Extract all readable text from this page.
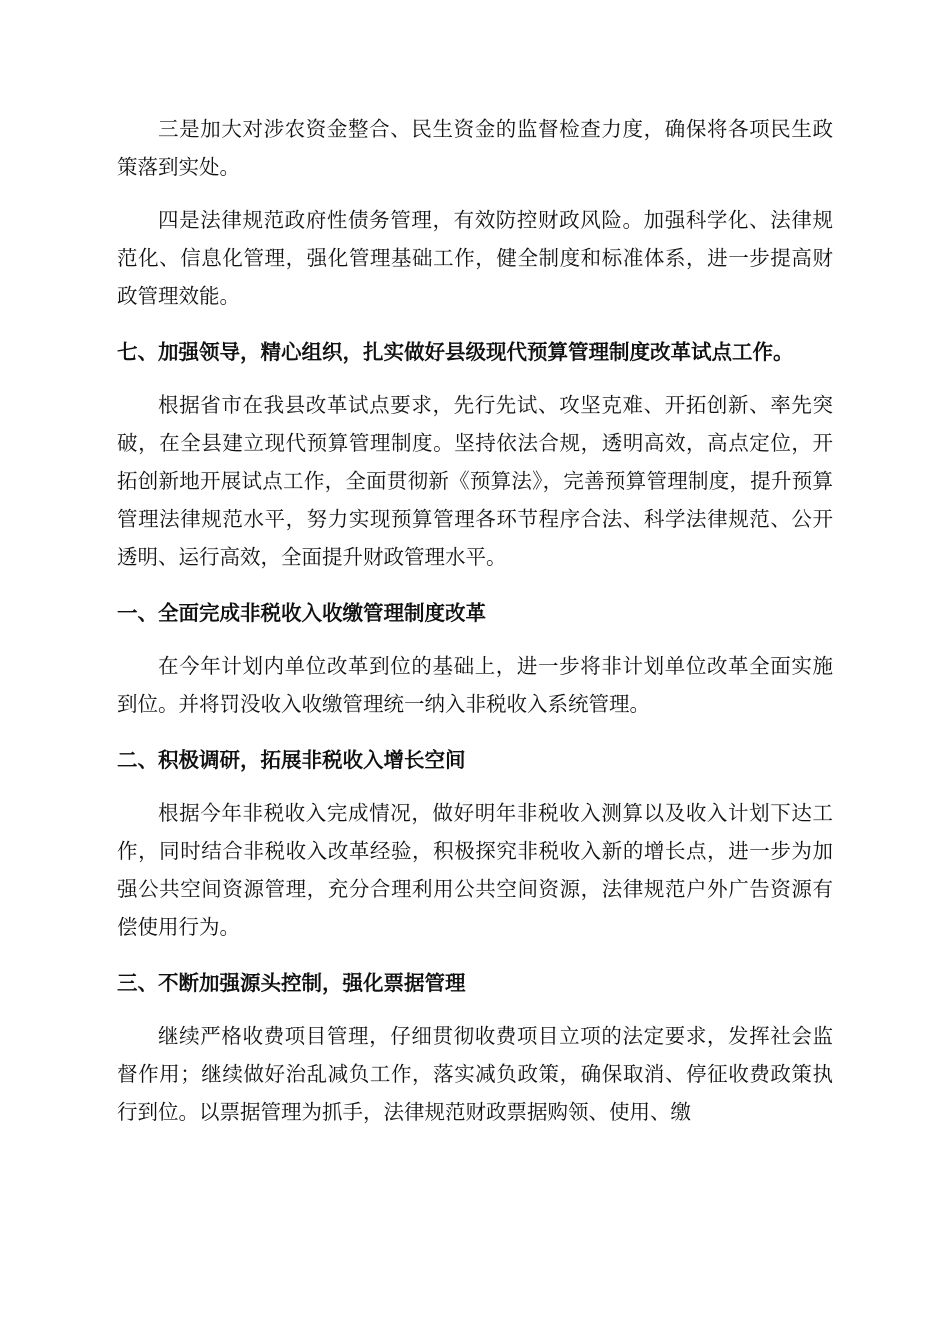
三是加大对涉农资金整合、民生资金的监督检查力度，确保将各项民生政策落到实处。

四是法律规范政府性债务管理，有效防控财政风险。加强科学化、法律规范化、信息化管理，强化管理基础工作，健全制度和标准体系，进一步提高财政管理效能。

七、加强领导，精心组织，扎实做好县级现代预算管理制度改革试点工作。

根据省市在我县改革试点要求，先行先试、攻坚克难、开拓创新、率先突破，在全县建立现代预算管理制度。坚持依法合规，透明高效，高点定位，开拓创新地开展试点工作，全面贯彻新《预算法》，完善预算管理制度，提升预算管理法律规范水平，努力实现预算管理各环节程序合法、科学法律规范、公开透明、运行高效，全面提升财政管理水平。

一、全面完成非税收入收缴管理制度改革

在今年计划内单位改革到位的基础上，进一步将非计划单位改革全面实施到位。并将罚没收入收缴管理统一纳入非税收入系统管理。

二、积极调研，拓展非税收入增长空间

根据今年非税收入完成情况，做好明年非税收入测算以及收入计划下达工作，同时结合非税收入改革经验，积极探究非税收入新的增长点，进一步为加强公共空间资源管理，充分合理利用公共空间资源，法律规范户外广告资源有偿使用行为。

三、不断加强源头控制，强化票据管理

继续严格收费项目管理，仔细贯彻收费项目立项的法定要求，发挥社会监督作用；继续做好治乱减负工作，落实减负政策，确保取消、停征收费政策执行到位。以票据管理为抓手，法律规范财政票据购领、使用、缴
